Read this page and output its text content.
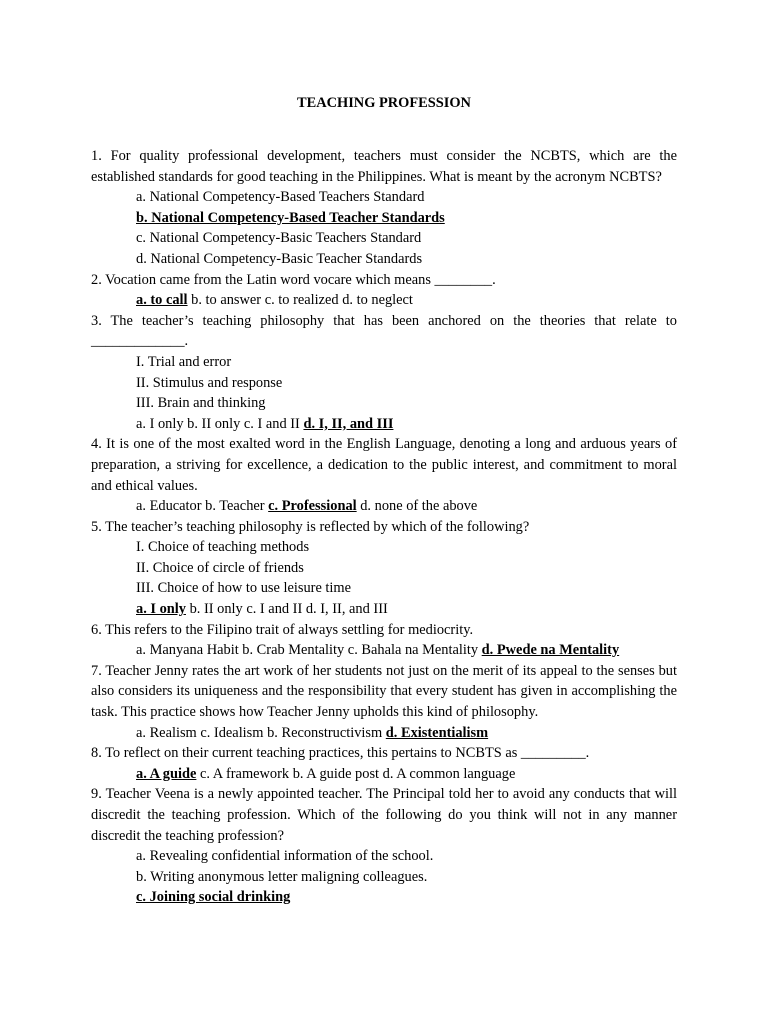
TEACHING PROFESSION
1. For quality professional development, teachers must consider the NCBTS, which are the established standards for good teaching in the Philippines. What is meant by the acronym NCBTS?
a. National Competency-Based Teachers Standard
b. National Competency-Based Teacher Standards
c. National Competency-Basic Teachers Standard
d. National Competency-Basic Teacher Standards
2. Vocation came from the Latin word vocare which means ________.
a. to call b. to answer c. to realized d. to neglect
3. The teacher’s teaching philosophy that has been anchored on the theories that relate to _____________.
I. Trial and error
II. Stimulus and response
III. Brain and thinking
a. I only b. II only c. I and II d. I, II, and III
4. It is one of the most exalted word in the English Language, denoting a long and arduous years of preparation, a striving for excellence, a dedication to the public interest, and commitment to moral and ethical values.
a. Educator b. Teacher c. Professional d. none of the above
5. The teacher’s teaching philosophy is reflected by which of the following?
I. Choice of teaching methods
II. Choice of circle of friends
III. Choice of how to use leisure time
a. I only b. II only c. I and II d. I, II, and III
6. This refers to the Filipino trait of always settling for mediocrity.
a. Manyana Habit b. Crab Mentality c. Bahala na Mentality d. Pwede na Mentality
7. Teacher Jenny rates the art work of her students not just on the merit of its appeal to the senses but also considers its uniqueness and the responsibility that every student has given in accomplishing the task. This practice shows how Teacher Jenny upholds this kind of philosophy.
a. Realism c. Idealism b. Reconstructivism d. Existentialism
8. To reflect on their current teaching practices, this pertains to NCBTS as _________.
a. A guide c. A framework b. A guide post d. A common language
9. Teacher Veena is a newly appointed teacher. The Principal told her to avoid any conducts that will discredit the teaching profession. Which of the following do you think will not in any manner discredit the teaching profession?
a. Revealing confidential information of the school.
b. Writing anonymous letter maligning colleagues.
c. Joining social drinking
